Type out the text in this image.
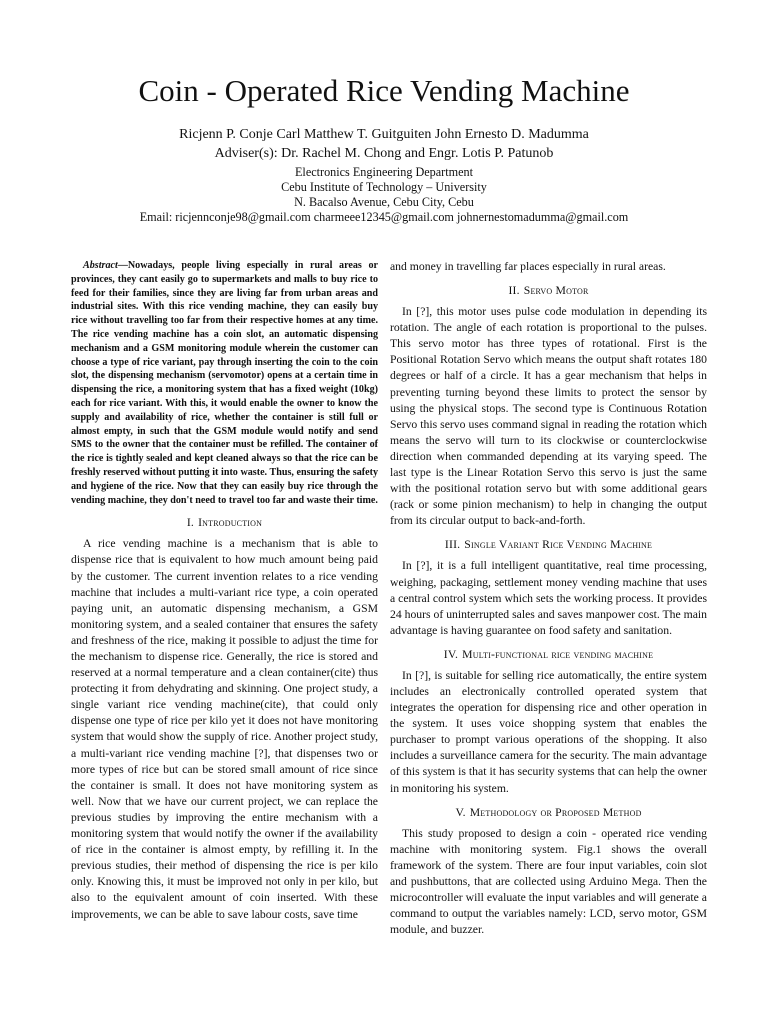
Coin - Operated Rice Vending Machine

Ricjenn P. Conje Carl Matthew T. Guitguiten John Ernesto D. Madumma

Adviser(s): Dr. Rachel M. Chong and Engr. Lotis P. Patunob

Electronics Engineering Department

Cebu Institute of Technology – University

N. Bacalso Avenue, Cebu City, Cebu

Email: ricjennconje98@gmail.com charmeee12345@gmail.com johnernestomadumma@gmail.com

Abstract—Nowadays, people living especially in rural areas or provinces, they cant easily go to supermarkets and malls to buy rice to feed for their families, since they are living far from urban areas and industrial sites. With this rice vending machine, they can easily buy rice without travelling too far from their respective homes at any time. The rice vending machine has a coin slot, an automatic dispensing mechanism and a GSM monitoring module wherein the customer can choose a type of rice variant, pay through inserting the coin to the coin slot, the dispensing mechanism (servomotor) opens at a certain time in dispensing the rice, a monitoring system that has a fixed weight (10kg) each for rice variant. With this, it would enable the owner to know the supply and availability of rice, whether the container is still full or almost empty, in such that the GSM module would notify and send SMS to the owner that the container must be refilled. The container of the rice is tightly sealed and kept cleaned always so that the rice can be freshly reserved without putting it into waste. Thus, ensuring the safety and hygiene of the rice. Now that they can easily buy rice through the vending machine, they don't need to travel too far and waste their time.

I. Introduction

A rice vending machine is a mechanism that is able to dispense rice that is equivalent to how much amount being paid by the customer. The current invention relates to a rice vending machine that includes a multi-variant rice type, a coin operated paying unit, an automatic dispensing mechanism, a GSM monitoring system, and a sealed container that ensures the safety and freshness of the rice, making it possible to adjust the time for the mechanism to dispense rice. Generally, the rice is stored and reserved at a normal temperature and a clean container(cite) thus protecting it from dehydrating and skinning. One project study, a single variant rice vending machine(cite), that could only dispense one type of rice per kilo yet it does not have monitoring system that would show the supply of rice. Another project study, a multi-variant rice vending machine [?], that dispenses two or more types of rice but can be stored small amount of rice since the container is small. It does not have monitoring system as well. Now that we have our current project, we can replace the previous studies by improving the entire mechanism with a monitoring system that would notify the owner if the availability of rice in the container is almost empty, by refilling it. In the previous studies, their method of dispensing the rice is per kilo only. Knowing this, it must be improved not only in per kilo, but also to the equivalent amount of coin inserted. With these improvements, we can be able to save labour costs, save time

and money in travelling far places especially in rural areas.

II. Servo Motor

In [?], this motor uses pulse code modulation in depending its rotation. The angle of each rotation is proportional to the pulses. This servo motor has three types of rotational. First is the Positional Rotation Servo which means the output shaft rotates 180 degrees or half of a circle. It has a gear mechanism that helps in preventing turning beyond these limits to protect the sensor by using the physical stops. The second type is Continuous Rotation Servo this servo uses command signal in reading the rotation which means the servo will turn to its clockwise or counterclockwise direction when commanded depending at its varying speed. The last type is the Linear Rotation Servo this servo is just the same with the positional rotation servo but with some additional gears (rack or some pinion mechanism) to help in changing the output from its circular output to back-and-forth.

III. Single Variant Rice Vending Machine

In [?], it is a full intelligent quantitative, real time processing, weighing, packaging, settlement money vending machine that uses a central control system which sets the working process. It provides 24 hours of uninterrupted sales and saves manpower cost. The main advantage is having guarantee on food safety and sanitation.

IV. Multi-functional rice vending machine

In [?], is suitable for selling rice automatically, the entire system includes an electronically controlled operated system that integrates the operation for dispensing rice and other operation in the system. It uses voice shopping system that enables the purchaser to prompt various operations of the shopping. It also includes a surveillance camera for the security. The main advantage of this system is that it has security systems that can help the owner in monitoring his system.

V. Methodology or Proposed Method

This study proposed to design a coin - operated rice vending machine with monitoring system. Fig.1 shows the overall framework of the system. There are four input variables, coin slot and pushbuttons, that are collected using Arduino Mega. Then the microcontroller will evaluate the input variables and will generate a command to output the variables namely: LCD, servo motor, GSM module, and buzzer.
